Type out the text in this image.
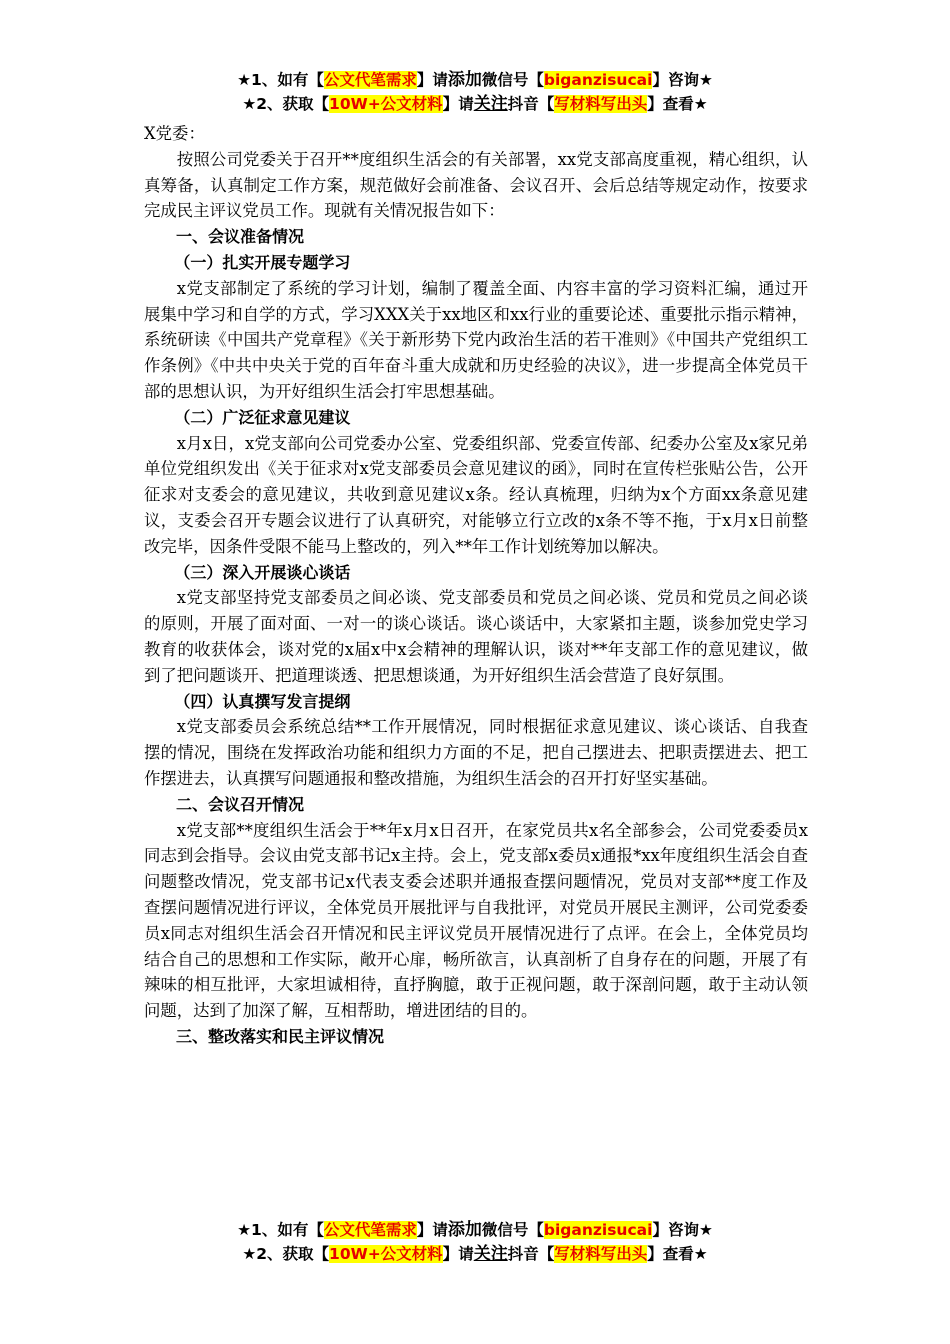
★1、如有【公文代笔需求】请添加微信号【biganzisucai】咨询★
★2、获取【10W+公文材料】请关注抖音【写材料写出头】查看★

X党委：

按照公司党委关于召开**度组织生活会的有关部署，xx党支部高度重视，精心组织，认真筹备，认真制定工作方案，规范做好会前准备、会议召开、会后总结等规定动作，按要求完成民主评议党员工作。现就有关情况报告如下：

一、会议准备情况

（一）扎实开展专题学习

x党支部制定了系统的学习计划，编制了覆盖全面、内容丰富的学习资料汇编，通过开展集中学习和自学的方式，学习XXX关于xx地区和xx行业的重要论述、重要批示指示精神，系统研读《中国共产党章程》《关于新形势下党内政治生活的若干准则》《中国共产党组织工作条例》《中共中央关于党的百年奋斗重大成就和历史经验的决议》，进一步提高全体党员干部的思想认识，为开好组织生活会打牢思想基础。

（二）广泛征求意见建议

x月x日，x党支部向公司党委办公室、党委组织部、党委宣传部、纪委办公室及x家兄弟单位党组织发出《关于征求对x党支部委员会意见建议的函》，同时在宣传栏张贴公告，公开征求对支委会的意见建议，共收到意见建议x条。经认真梳理，归纳为x个方面xx条意见建议，支委会召开专题会议进行了认真研究，对能够立行立改的x条不等不拖，于x月x日前整改完毕，因条件受限不能马上整改的，列入**年工作计划统筹加以解决。

（三）深入开展谈心谈话

x党支部坚持党支部委员之间必谈、党支部委员和党员之间必谈、党员和党员之间必谈的原则，开展了面对面、一对一的谈心谈话。谈心谈话中，大家紧扣主题，谈参加党史学习教育的收获体会，谈对党的x届x中x会精神的理解认识，谈对**年支部工作的意见建议，做到了把问题谈开、把道理谈透、把思想谈通，为开好组织生活会营造了良好氛围。

（四）认真撰写发言提纲

x党支部委员会系统总结**工作开展情况，同时根据征求意见建议、谈心谈话、自我查摆的情况，围绕在发挥政治功能和组织力方面的不足，把自己摆进去、把职责摆进去、把工作摆进去，认真撰写问题通报和整改措施，为组织生活会的召开打好坚实基础。

二、会议召开情况

x党支部**度组织生活会于**年x月x日召开，在家党员共x名全部参会，公司党委委员x同志到会指导。会议由党支部书记x主持。会上，党支部x委员x通报*xx年度组织生活会自查问题整改情况，党支部书记x代表支委会述职并通报查摆问题情况，党员对支部**度工作及查摆问题情况进行评议，全体党员开展批评与自我批评，对党员开展民主测评，公司党委委员x同志对组织生活会召开情况和民主评议党员开展情况进行了点评。在会上，全体党员均结合自己的思想和工作实际，敞开心扉，畅所欲言，认真剖析了自身存在的问题，开展了有辣味的相互批评，大家坦诚相待，直抒胸臆，敢于正视问题，敢于深剖问题，敢于主动认领问题，达到了加深了解，互相帮助，增进团结的目的。

三、整改落实和民主评议情况

★1、如有【公文代笔需求】请添加微信号【biganzisucai】咨询★
★2、获取【10W+公文材料】请关注抖音【写材料写出头】查看★
